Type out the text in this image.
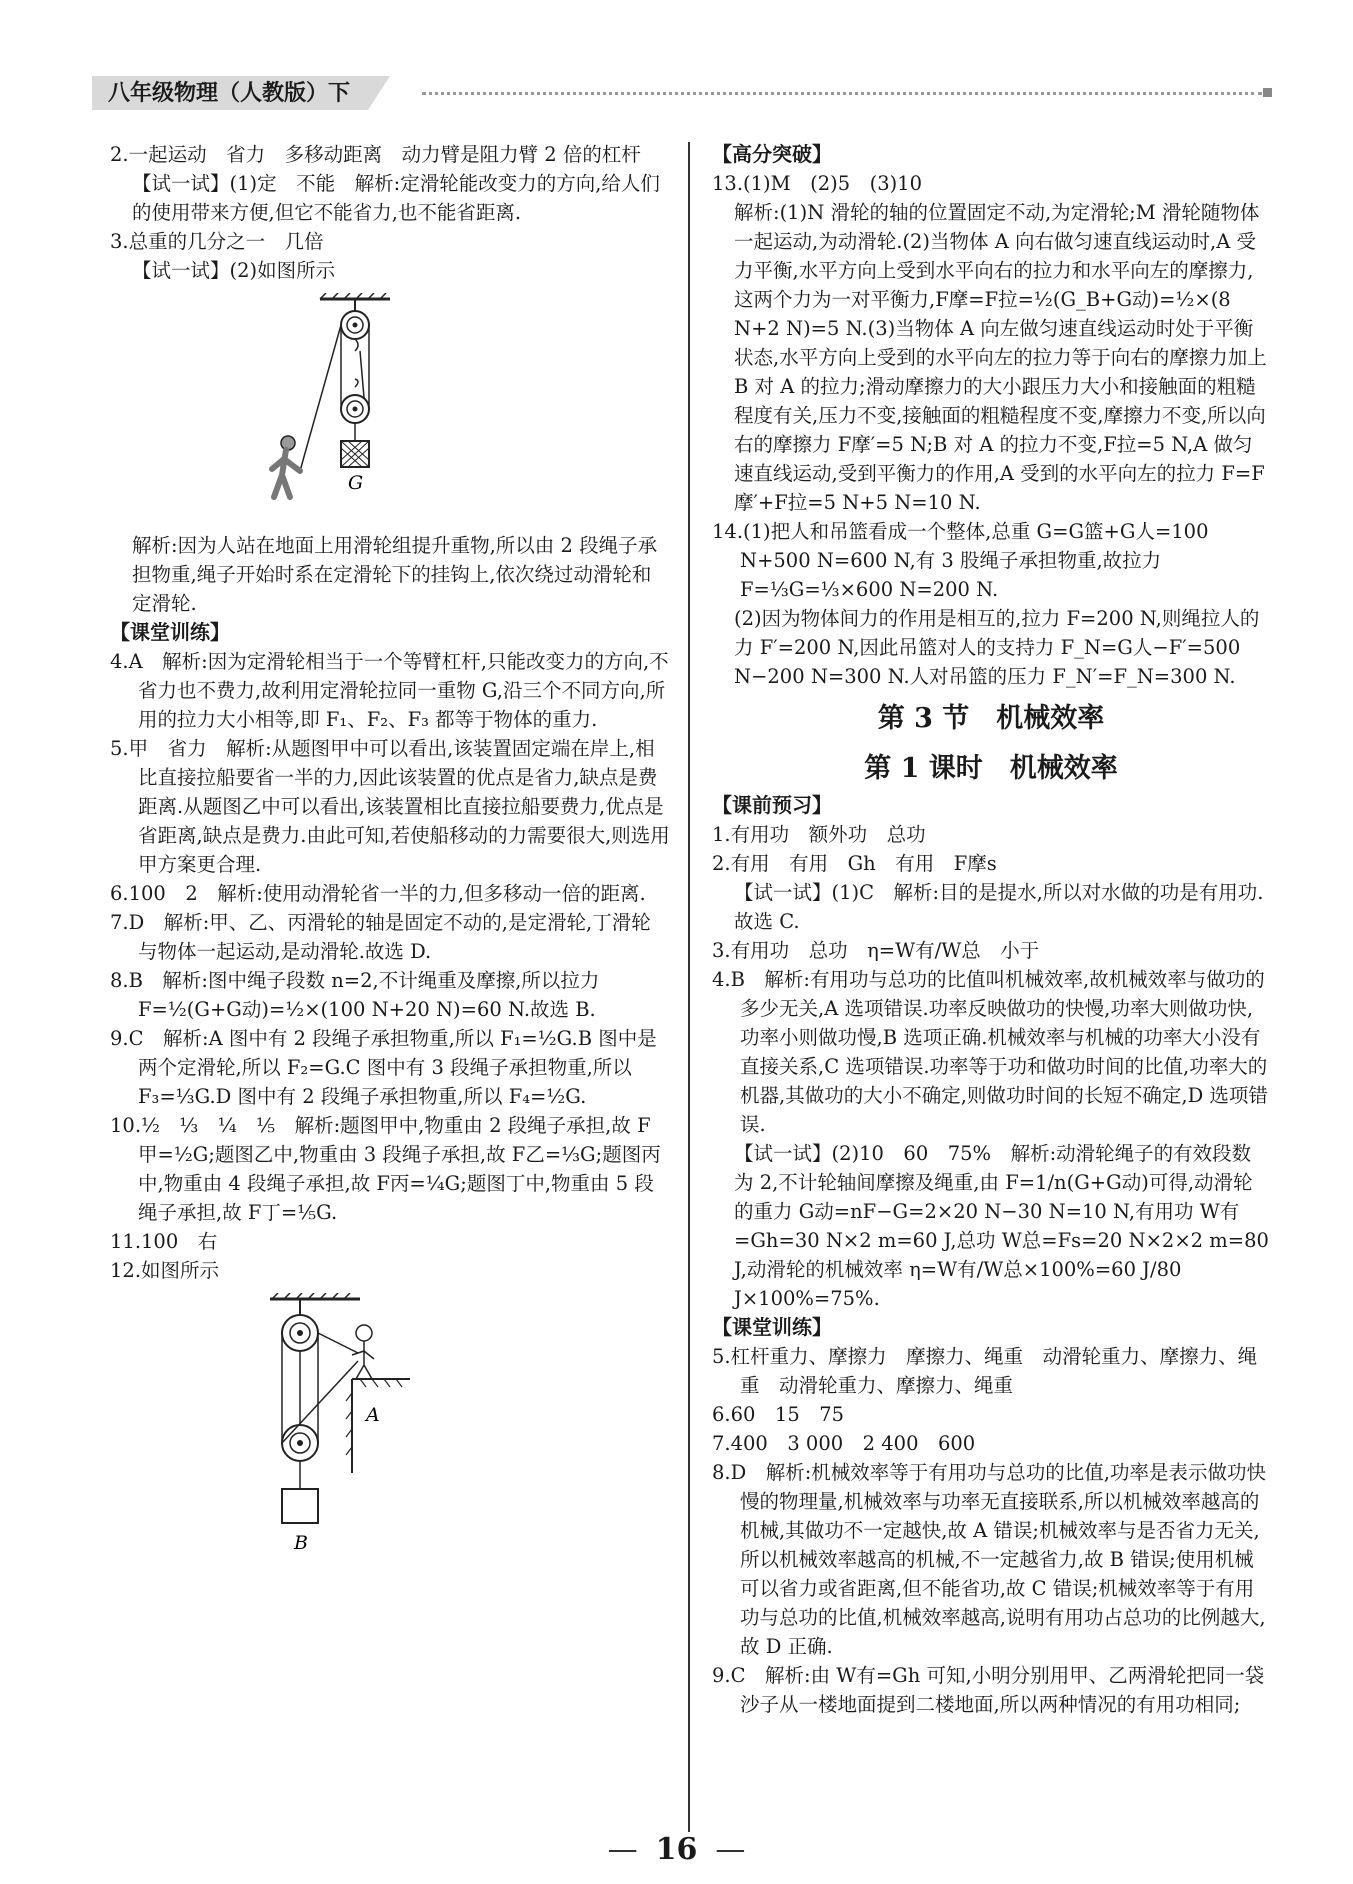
八年级物理（人教版）下

2.一起运动　省力　多移动距离　动力臂是阻力臂 2 倍的杠杆

【试一试】(1)定　不能　解析:定滑轮能改变力的方向,给人们的使用带来方便,但它不能省力,也不能省距离.

3.总重的几分之一　几倍

【试一试】(2)如图所示

G

解析:因为人站在地面上用滑轮组提升重物,所以由 2 段绳子承担物重,绳子开始时系在定滑轮下的挂钩上,依次绕过动滑轮和定滑轮.

【课堂训练】

4.A　解析:因为定滑轮相当于一个等臂杠杆,只能改变力的方向,不省力也不费力,故利用定滑轮拉同一重物 G,沿三个不同方向,所用的拉力大小相等,即 F₁、F₂、F₃ 都等于物体的重力.

5.甲　省力　解析:从题图甲中可以看出,该装置固定端在岸上,相比直接拉船要省一半的力,因此该装置的优点是省力,缺点是费距离.从题图乙中可以看出,该装置相比直接拉船要费力,优点是省距离,缺点是费力.由此可知,若使船移动的力需要很大,则选用甲方案更合理.

6.100　2　解析:使用动滑轮省一半的力,但多移动一倍的距离.

7.D　解析:甲、乙、丙滑轮的轴是固定不动的,是定滑轮,丁滑轮与物体一起运动,是动滑轮.故选 D.

8.B　解析:图中绳子段数 n=2,不计绳重及摩擦,所以拉力 F=½(G+G动)=½×(100 N+20 N)=60 N.故选 B.

9.C　解析:A 图中有 2 段绳子承担物重,所以 F₁=½G.B 图中是两个定滑轮,所以 F₂=G.C 图中有 3 段绳子承担物重,所以 F₃=⅓G.D 图中有 2 段绳子承担物重,所以 F₄=½G.

10.½　⅓　¼　⅕　解析:题图甲中,物重由 2 段绳子承担,故 F甲=½G;题图乙中,物重由 3 段绳子承担,故 F乙=⅓G;题图丙中,物重由 4 段绳子承担,故 F丙=¼G;题图丁中,物重由 5 段绳子承担,故 F丁=⅕G.

11.100　右

12.如图所示

B
A

【高分突破】

13.(1)M　(2)5　(3)10

解析:(1)N 滑轮的轴的位置固定不动,为定滑轮;M 滑轮随物体一起运动,为动滑轮.(2)当物体 A 向右做匀速直线运动时,A 受力平衡,水平方向上受到水平向右的拉力和水平向左的摩擦力,这两个力为一对平衡力,F摩=F拉=½(G_B+G动)=½×(8 N+2 N)=5 N.(3)当物体 A 向左做匀速直线运动时处于平衡状态,水平方向上受到的水平向左的拉力等于向右的摩擦力加上 B 对 A 的拉力;滑动摩擦力的大小跟压力大小和接触面的粗糙程度有关,压力不变,接触面的粗糙程度不变,摩擦力不变,所以向右的摩擦力 F摩′=5 N;B 对 A 的拉力不变,F拉=5 N,A 做匀速直线运动,受到平衡力的作用,A 受到的水平向左的拉力 F=F摩′+F拉=5 N+5 N=10 N.

14.(1)把人和吊篮看成一个整体,总重 G=G篮+G人=100 N+500 N=600 N,有 3 股绳子承担物重,故拉力 F=⅓G=⅓×600 N=200 N.

(2)因为物体间力的作用是相互的,拉力 F=200 N,则绳拉人的力 F′=200 N,因此吊篮对人的支持力 F_N=G人−F′=500 N−200 N=300 N.人对吊篮的压力 F_N′=F_N=300 N.

第 3 节　机械效率
第 1 课时　机械效率

【课前预习】

1.有用功　额外功　总功

2.有用　有用　Gh　有用　F摩s

【试一试】(1)C　解析:目的是提水,所以对水做的功是有用功.故选 C.

3.有用功　总功　η=W有/W总　小于

4.B　解析:有用功与总功的比值叫机械效率,故机械效率与做功的多少无关,A 选项错误.功率反映做功的快慢,功率大则做功快,功率小则做功慢,B 选项正确.机械效率与机械的功率大小没有直接关系,C 选项错误.功率等于功和做功时间的比值,功率大的机器,其做功的大小不确定,则做功时间的长短不确定,D 选项错误.

【试一试】(2)10　60　75%　解析:动滑轮绳子的有效段数为 2,不计轮轴间摩擦及绳重,由 F=1/n(G+G动)可得,动滑轮的重力 G动=nF−G=2×20 N−30 N=10 N,有用功 W有=Gh=30 N×2 m=60 J,总功 W总=Fs=20 N×2×2 m=80 J,动滑轮的机械效率 η=W有/W总×100%=60 J/80 J×100%=75%.

【课堂训练】

5.杠杆重力、摩擦力　摩擦力、绳重　动滑轮重力、摩擦力、绳重　动滑轮重力、摩擦力、绳重

6.60　15　75

7.400　3 000　2 400　600

8.D　解析:机械效率等于有用功与总功的比值,功率是表示做功快慢的物理量,机械效率与功率无直接联系,所以机械效率越高的机械,其做功不一定越快,故 A 错误;机械效率与是否省力无关,所以机械效率越高的机械,不一定越省力,故 B 错误;使用机械可以省力或省距离,但不能省功,故 C 错误;机械效率等于有用功与总功的比值,机械效率越高,说明有用功占总功的比例越大,故 D 正确.

9.C　解析:由 W有=Gh 可知,小明分别用甲、乙两滑轮把同一袋沙子从一楼地面提到二楼地面,所以两种情况的有用功相同;

— 16 —
